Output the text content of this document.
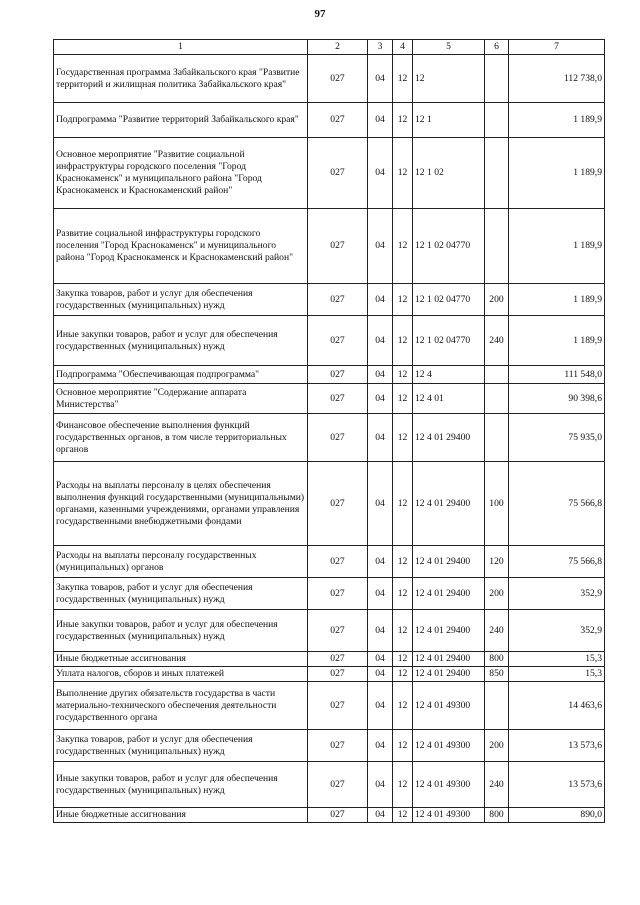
97
1	2	3	4	5	6	7
Государственная программа Забайкальского края "Развитие территорий и жилищная политика Забайкальского края"	027	04	12	12		112 738,0
Подпрограмма "Развитие территорий Забайкальского края"	027	04	12	12 1		1 189,9
Основное мероприятие "Развитие социальной инфраструктуры городского поселения "Город Краснокаменск" и муниципального района "Город Краснокаменск и Краснокаменский район"	027	04	12	12 1 02		1 189,9
Развитие социальной инфраструктуры городского поселения "Город Краснокаменск" и муниципального района "Город Краснокаменск и Краснокаменский район"	027	04	12	12 1 02 04770		1 189,9
Закупка товаров, работ и услуг для обеспечения государственных (муниципальных) нужд	027	04	12	12 1 02 04770	200	1 189,9
Иные закупки товаров, работ и услуг для обеспечения государственных (муниципальных) нужд	027	04	12	12 1 02 04770	240	1 189,9
Подпрограмма "Обеспечивающая подпрограмма"	027	04	12	12 4		111 548,0
Основное мероприятие "Содержание аппарата Министерства"	027	04	12	12 4 01		90 398,6
Финансовое обеспечение выполнения функций государственных органов, в том числе территориальных органов	027	04	12	12 4 01 29400		75 935,0
Расходы на выплаты персоналу в целях обеспечения выполнения функций государственными (муниципальными) органами, казенными учреждениями, органами управления государственными внебюджетными фондами	027	04	12	12 4 01 29400	100	75 566,8
Расходы на выплаты персоналу государственных (муниципальных) органов	027	04	12	12 4 01 29400	120	75 566,8
Закупка товаров, работ и услуг для обеспечения государственных (муниципальных) нужд	027	04	12	12 4 01 29400	200	352,9
Иные закупки товаров, работ и услуг для обеспечения государственных (муниципальных) нужд	027	04	12	12 4 01 29400	240	352,9
Иные бюджетные ассигнования	027	04	12	12 4 01 29400	800	15,3
Уплата налогов, сборов и иных платежей	027	04	12	12 4 01 29400	850	15,3
Выполнение других обязательств государства в части материально-технического обеспечения деятельности государственного органа	027	04	12	12 4 01 49300		14 463,6
Закупка товаров, работ и услуг для обеспечения государственных (муниципальных) нужд	027	04	12	12 4 01 49300	200	13 573,6
Иные закупки товаров, работ и услуг для обеспечения государственных (муниципальных) нужд	027	04	12	12 4 01 49300	240	13 573,6
Иные бюджетные ассигнования	027	04	12	12 4 01 49300	800	890,0
